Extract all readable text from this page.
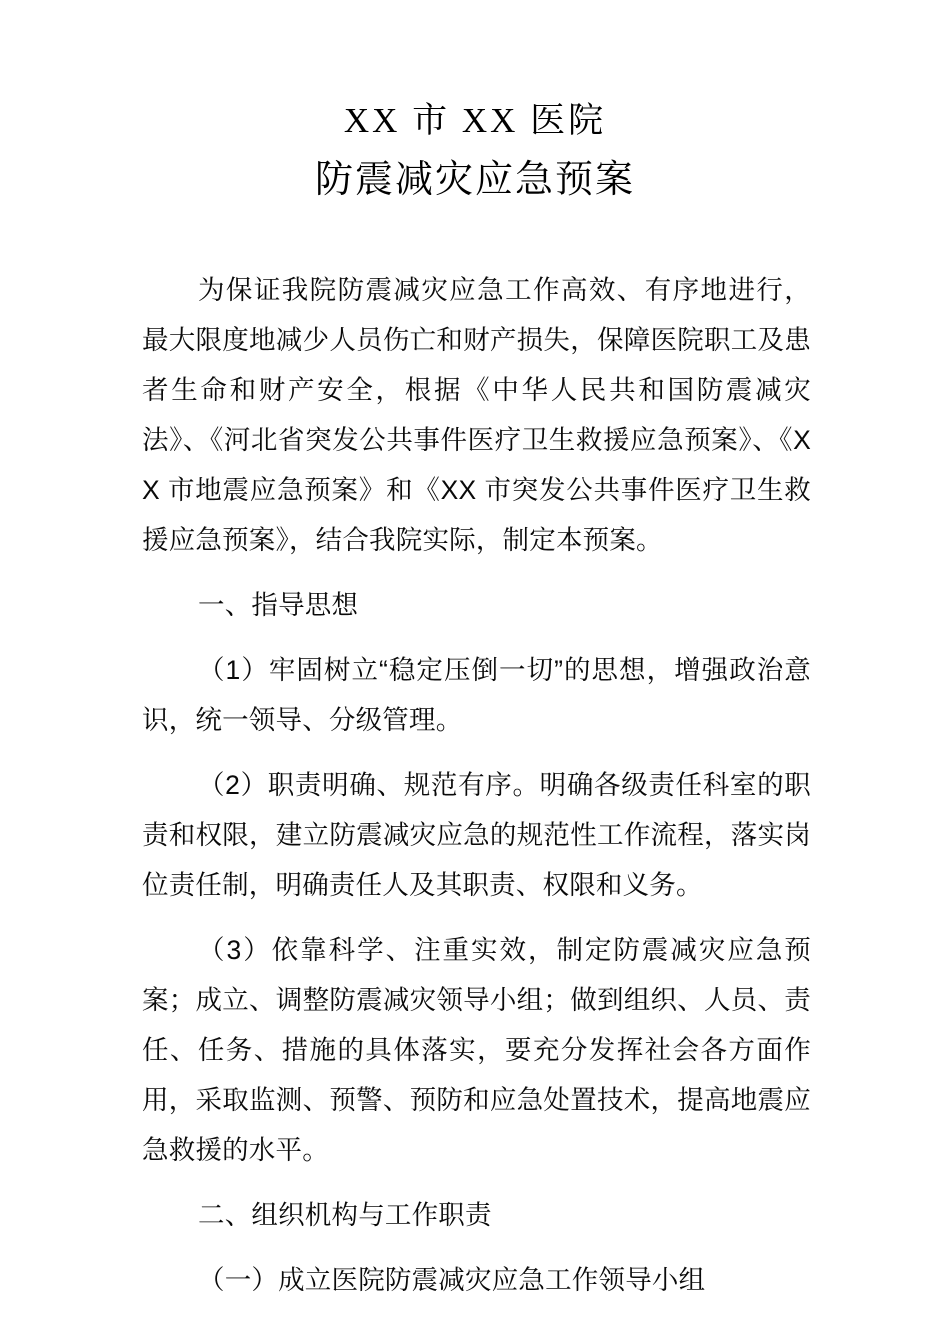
XX 市 XX 医院
防震减灾应急预案

为保证我院防震减灾应急工作高效、有序地进行，最大限度地减少人员伤亡和财产损失，保障医院职工及患者生命和财产安全，根据《中华人民共和国防震减灾法》、《河北省突发公共事件医疗卫生救援应急预案》、《XX 市地震应急预案》和《XX 市突发公共事件医疗卫生救援应急预案》，结合我院实际，制定本预案。

一、指导思想

（1）牢固树立“稳定压倒一切”的思想，增强政治意识，统一领导、分级管理。

（2）职责明确、规范有序。明确各级责任科室的职责和权限，建立防震减灾应急的规范性工作流程，落实岗位责任制，明确责任人及其职责、权限和义务。

（3）依靠科学、注重实效，制定防震减灾应急预案；成立、调整防震减灾领导小组；做到组织、人员、责任、任务、措施的具体落实，要充分发挥社会各方面作用，采取监测、预警、预防和应急处置技术，提高地震应急救援的水平。

二、组织机构与工作职责

（一）成立医院防震减灾应急工作领导小组
